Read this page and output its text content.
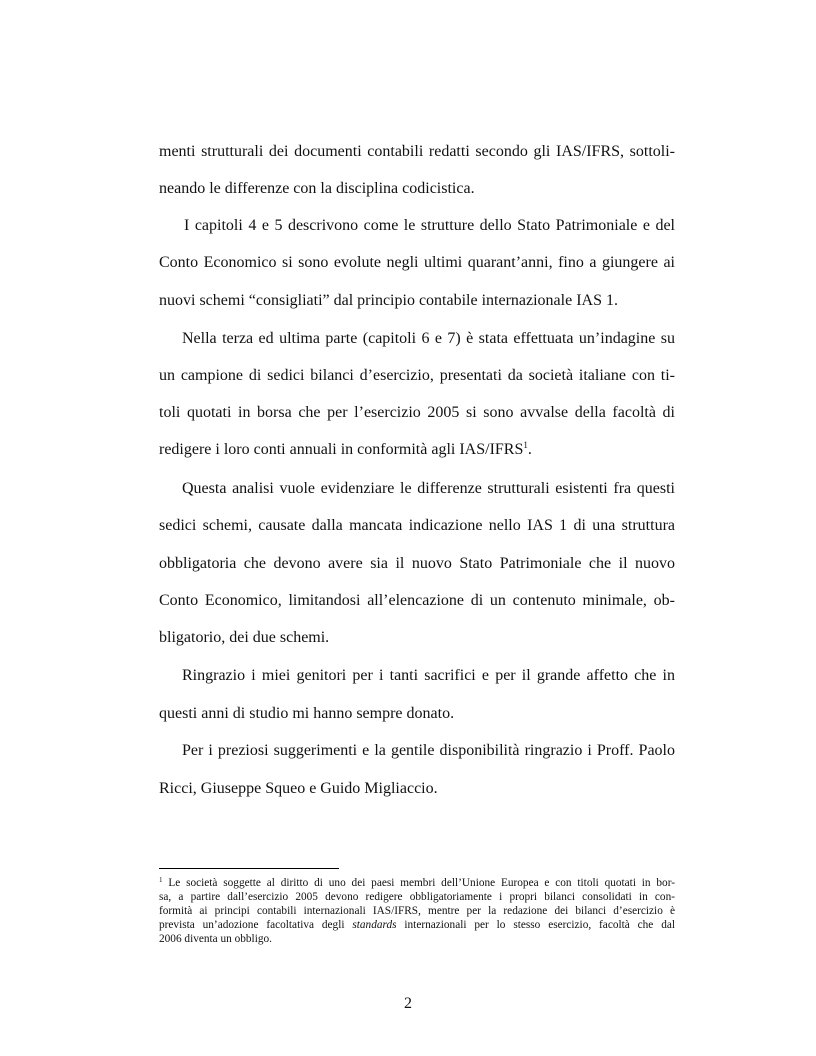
menti strutturali dei documenti contabili redatti secondo gli IAS/IFRS, sottoli-
neando le differenze con la disciplina codicistica.
I capitoli 4 e 5 descrivono come le strutture dello Stato Patrimoniale e del
Conto Economico si sono evolute negli ultimi quarant’anni, fino a giungere ai
nuovi schemi “consigliati” dal principio contabile internazionale IAS 1.
Nella terza ed ultima parte (capitoli 6 e 7) è stata effettuata un’indagine su
un campione di sedici bilanci d’esercizio, presentati da società italiane con ti-
toli quotati in borsa che per l’esercizio 2005 si sono avvalse della facoltà di
redigere i loro conti annuali in conformità agli IAS/IFRS$^1$.
Questa analisi vuole evidenziare le differenze strutturali esistenti fra questi
sedici schemi, causate dalla mancata indicazione nello IAS 1 di una struttura
obbligatoria che devono avere sia il nuovo Stato Patrimoniale che il nuovo
Conto Economico, limitandosi all’elencazione di un contenuto minimale, ob-
bligatorio, dei due schemi.
Ringrazio i miei genitori per i tanti sacrifici e per il grande affetto che in
questi anni di studio mi hanno sempre donato.
Per i preziosi suggerimenti e la gentile disponibilità ringrazio i Proff. Paolo
Ricci, Giuseppe Squeo e Guido Migliaccio.
$^1$ Le società soggette al diritto di uno dei paesi membri dell’Unione Europea e con titoli quotati in bor-
sa, a partire dall’esercizio 2005 devono redigere obbligatoriamente i propri bilanci consolidati in con-
formità ai principi contabili internazionali IAS/IFRS, mentre per la redazione dei bilanci d’esercizio è
prevista un’adozione facoltativa degli standards internazionali per lo stesso esercizio, facoltà che dal
2006 diventa un obbligo.
2
